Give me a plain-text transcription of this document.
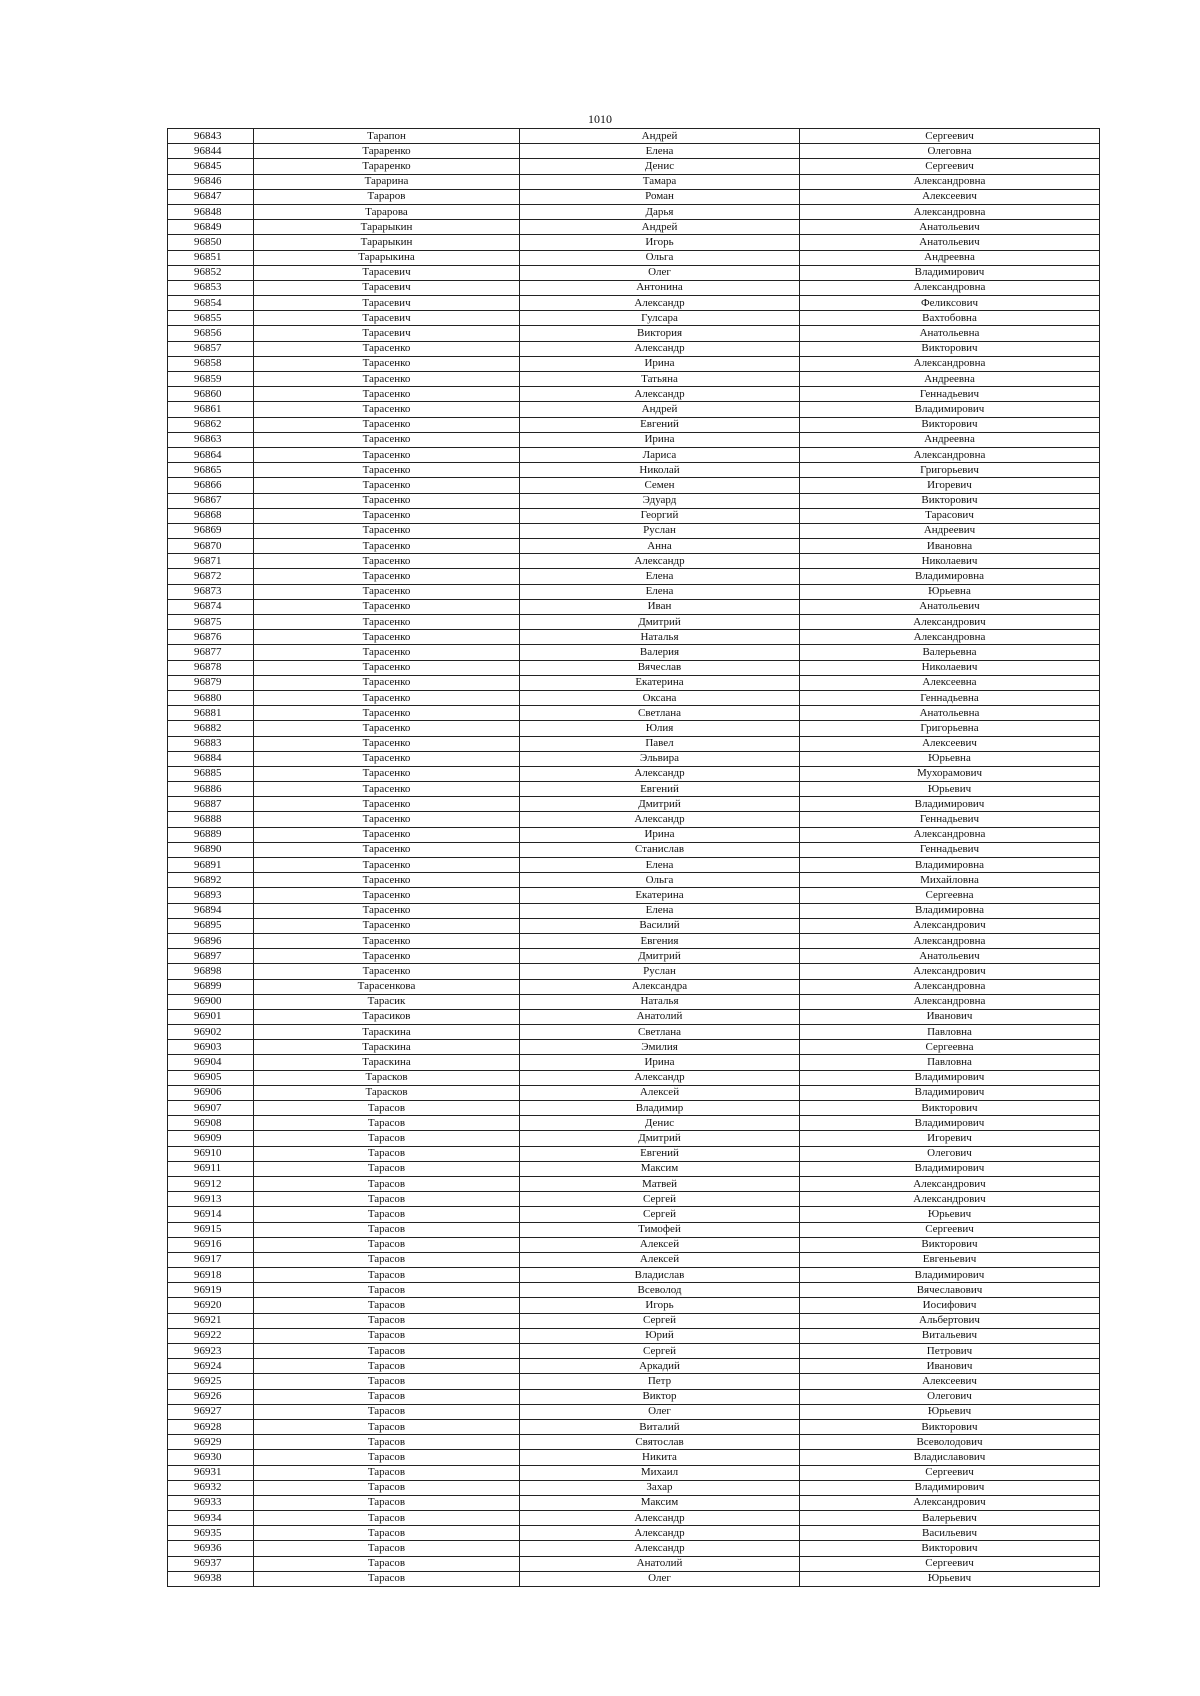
1010
96843	Тарапон	Андрей	Сергеевич
96844	Тараренко	Елена	Олеговна
96845	Тараренко	Денис	Сергеевич
96846	Тарарина	Тамара	Александровна
96847	Тараров	Роман	Алексеевич
96848	Тарарова	Дарья	Александровна
96849	Тарарыкин	Андрей	Анатольевич
96850	Тарарыкин	Игорь	Анатольевич
96851	Тарарыкина	Ольга	Андреевна
96852	Тарасевич	Олег	Владимирович
96853	Тарасевич	Антонина	Александровна
96854	Тарасевич	Александр	Феликсович
96855	Тарасевич	Гулсара	Вахтобовна
96856	Тарасевич	Виктория	Анатольевна
96857	Тарасенко	Александр	Викторович
96858	Тарасенко	Ирина	Александровна
96859	Тарасенко	Татьяна	Андреевна
96860	Тарасенко	Александр	Геннадьевич
96861	Тарасенко	Андрей	Владимирович
96862	Тарасенко	Евгений	Викторович
96863	Тарасенко	Ирина	Андреевна
96864	Тарасенко	Лариса	Александровна
96865	Тарасенко	Николай	Григорьевич
96866	Тарасенко	Семен	Игоревич
96867	Тарасенко	Эдуард	Викторович
96868	Тарасенко	Георгий	Тарасович
96869	Тарасенко	Руслан	Андреевич
96870	Тарасенко	Анна	Ивановна
96871	Тарасенко	Александр	Николаевич
96872	Тарасенко	Елена	Владимировна
96873	Тарасенко	Елена	Юрьевна
96874	Тарасенко	Иван	Анатольевич
96875	Тарасенко	Дмитрий	Александрович
96876	Тарасенко	Наталья	Александровна
96877	Тарасенко	Валерия	Валерьевна
96878	Тарасенко	Вячеслав	Николаевич
96879	Тарасенко	Екатерина	Алексеевна
96880	Тарасенко	Оксана	Геннадьевна
96881	Тарасенко	Светлана	Анатольевна
96882	Тарасенко	Юлия	Григорьевна
96883	Тарасенко	Павел	Алексеевич
96884	Тарасенко	Эльвира	Юрьевна
96885	Тарасенко	Александр	Мухорамович
96886	Тарасенко	Евгений	Юрьевич
96887	Тарасенко	Дмитрий	Владимирович
96888	Тарасенко	Александр	Геннадьевич
96889	Тарасенко	Ирина	Александровна
96890	Тарасенко	Станислав	Геннадьевич
96891	Тарасенко	Елена	Владимировна
96892	Тарасенко	Ольга	Михайловна
96893	Тарасенко	Екатерина	Сергеевна
96894	Тарасенко	Елена	Владимировна
96895	Тарасенко	Василий	Александрович
96896	Тарасенко	Евгения	Александровна
96897	Тарасенко	Дмитрий	Анатольевич
96898	Тарасенко	Руслан	Александрович
96899	Тарасенкова	Александра	Александровна
96900	Тарасик	Наталья	Александровна
96901	Тарасиков	Анатолий	Иванович
96902	Тараскина	Светлана	Павловна
96903	Тараскина	Эмилия	Сергеевна
96904	Тараскина	Ирина	Павловна
96905	Тарасков	Александр	Владимирович
96906	Тарасков	Алексей	Владимирович
96907	Тарасов	Владимир	Викторович
96908	Тарасов	Денис	Владимирович
96909	Тарасов	Дмитрий	Игоревич
96910	Тарасов	Евгений	Олегович
96911	Тарасов	Максим	Владимирович
96912	Тарасов	Матвей	Александрович
96913	Тарасов	Сергей	Александрович
96914	Тарасов	Сергей	Юрьевич
96915	Тарасов	Тимофей	Сергеевич
96916	Тарасов	Алексей	Викторович
96917	Тарасов	Алексей	Евгеньевич
96918	Тарасов	Владислав	Владимирович
96919	Тарасов	Всеволод	Вячеславович
96920	Тарасов	Игорь	Иосифович
96921	Тарасов	Сергей	Альбертович
96922	Тарасов	Юрий	Витальевич
96923	Тарасов	Сергей	Петрович
96924	Тарасов	Аркадий	Иванович
96925	Тарасов	Петр	Алексеевич
96926	Тарасов	Виктор	Олегович
96927	Тарасов	Олег	Юрьевич
96928	Тарасов	Виталий	Викторович
96929	Тарасов	Святослав	Всеволодович
96930	Тарасов	Никита	Владиславович
96931	Тарасов	Михаил	Сергеевич
96932	Тарасов	Захар	Владимирович
96933	Тарасов	Максим	Александрович
96934	Тарасов	Александр	Валерьевич
96935	Тарасов	Александр	Васильевич
96936	Тарасов	Александр	Викторович
96937	Тарасов	Анатолий	Сергеевич
96938	Тарасов	Олег	Юрьевич
